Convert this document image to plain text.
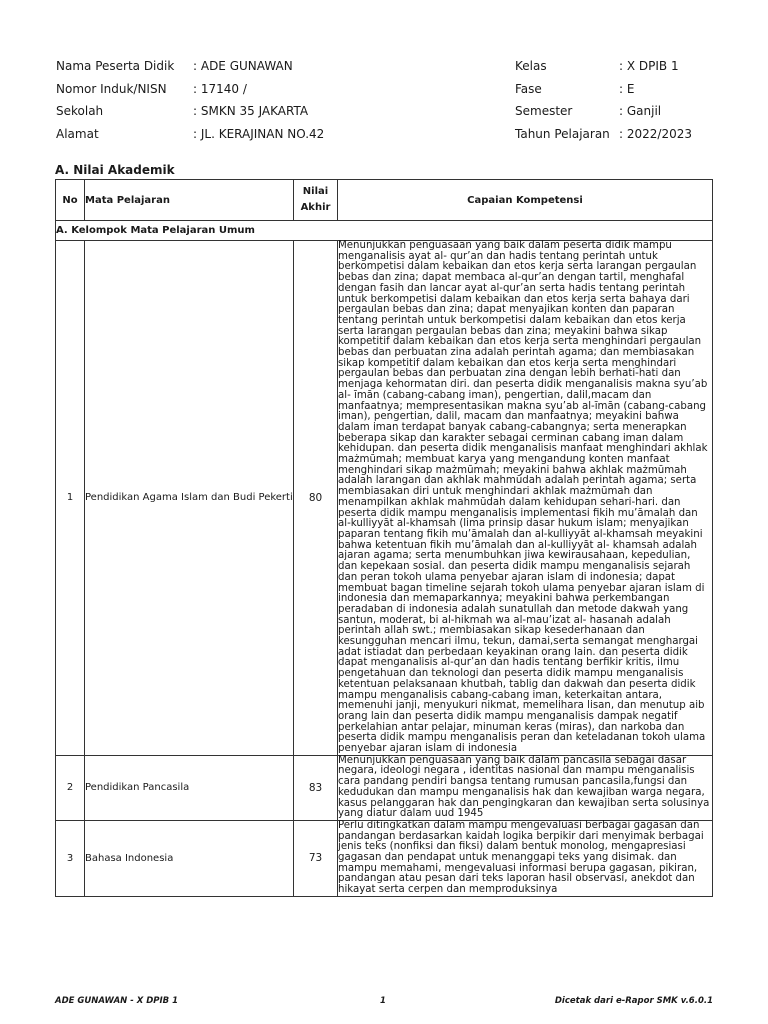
Nama Peserta Didik	: ADE GUNAWAN	Kelas	: X DPIB 1
Nomor Induk/NISN	: 17140 /	Fase	: E
Sekolah	: SMKN 35 JAKARTA	Semester	: Ganjil
Alamat	: JL. KERAJINAN NO.42	Tahun Pelajaran : 2022/2023
A. Nilai Akademik
No	Mata Pelajaran	Nilai Akhir	Capaian Kompetensi
A. Kelompok Mata Pelajaran Umum			
1	Pendidikan Agama Islam dan Budi Pekerti	80	Menunjukkan penguasaan yang baik dalam peserta didik mampu menganalisis ayat al- qur’an dan hadis tentang perintah untuk berkompetisi dalam kebaikan dan etos kerja serta larangan pergaulan bebas dan zina; dapat membaca al-qur’an dengan tartil, menghafal dengan fasih dan lancar ayat al-qur’an serta hadis tentang perintah untuk berkompetisi dalam kebaikan dan etos kerja serta bahaya dari pergaulan bebas dan zina; dapat menyajikan konten dan paparan tentang perintah untuk berkompetisi dalam kebaikan dan etos kerja serta larangan pergaulan bebas dan zina; meyakini bahwa sikap kompetitif dalam kebaikan dan etos kerja serta menghindari pergaulan bebas dan perbuatan zina adalah perintah agama; dan membiasakan sikap kompetitif dalam kebaikan dan etos kerja serta menghindari pergaulan bebas dan perbuatan zina dengan lebih berhati-hati dan menjaga kehormatan diri. dan peserta didik menganalisis makna syu’ab al- īmān (cabang-cabang iman), pengertian, dalil,macam dan manfaatnya; mempresentasikan makna syu’ab al-īmān (cabang-cabang iman), pengertian, dalil, macam dan manfaatnya; meyakini bahwa dalam iman terdapat banyak cabang-cabangnya; serta menerapkan beberapa sikap dan karakter sebagai cerminan cabang iman dalam kehidupan. dan peserta didik menganalisis manfaat menghindari akhlak mażmūmah; membuat karya yang mengandung konten manfaat menghindari sikap mażmūmah; meyakini bahwa akhlak mażmūmah adalah larangan dan akhlak mahmūdah adalah perintah agama; serta membiasakan diri untuk menghindari akhlak mażmūmah dan menampilkan akhlak mahmūdah dalam kehidupan sehari-hari. dan peserta didik mampu menganalisis implementasi fikih mu’āmalah dan al-kulliyyāt al-khamsah (lima prinsip dasar hukum islam; menyajikan paparan tentang fikih mu’āmalah dan al-kulliyyāt al-khamsah meyakini bahwa ketentuan fikih mu’āmalah dan al-kulliyyāt al- khamsah adalah ajaran agama; serta menumbuhkan jiwa kewirausahaan, kepedulian, dan kepekaan sosial. dan peserta didik mampu menganalisis sejarah dan peran tokoh ulama penyebar ajaran islam di indonesia; dapat membuat bagan timeline sejarah tokoh ulama penyebar ajaran islam di indonesia dan memaparkannya; meyakini bahwa perkembangan peradaban di indonesia adalah sunatullah dan metode dakwah yang santun, moderat, bi al-hikmah wa al-mau’izat al- hasanah adalah perintah allah swt.; membiasakan sikap kesederhanaan dan kesungguhan mencari ilmu, tekun, damai,serta semangat menghargai adat istiadat dan perbedaan keyakinan orang lain. dan peserta didik dapat menganalisis al-qur’an dan hadis tentang berfikir kritis, ilmu pengetahuan dan teknologi dan peserta didik mampu menganalisis ketentuan pelaksanaan khutbah, tablig dan dakwah dan peserta didik mampu menganalisis cabang-cabang iman, keterkaitan antara, memenuhi janji, menyukuri nikmat, memelihara lisan, dan menutup aib orang lain dan peserta didik mampu menganalisis dampak negatif perkelahian antar pelajar, minuman keras (miras), dan narkoba dan peserta didik mampu menganalisis peran dan keteladanan tokoh ulama penyebar ajaran islam di indonesia
2	Pendidikan Pancasila	83	Menunjukkan penguasaan yang baik dalam pancasila sebagai dasar negara, ideologi negara , identitas nasional dan mampu menganalisis cara pandang pendiri bangsa tentang rumusan pancasila,fungsi dan kedudukan dan mampu menganalisis hak dan kewajiban warga negara, kasus pelanggaran hak dan pengingkaran dan kewajiban serta solusinya yang diatur dalam uud 1945
3	Bahasa Indonesia	73	Perlu ditingkatkan dalam mampu mengevaluasi berbagai gagasan dan pandangan berdasarkan kaidah logika berpikir dari menyimak berbagai jenis teks (nonfiksi dan fiksi) dalam bentuk monolog, mengapresiasi gagasan dan pendapat untuk menanggapi teks yang disimak. dan mampu memahami, mengevaluasi informasi berupa gagasan, pikiran, pandangan atau pesan dari teks laporan hasil observasi, anekdot dan hikayat serta cerpen dan memproduksinya
ADE GUNAWAN - X DPIB 1	1	Dicetak dari e-Rapor SMK v.6.0.1
